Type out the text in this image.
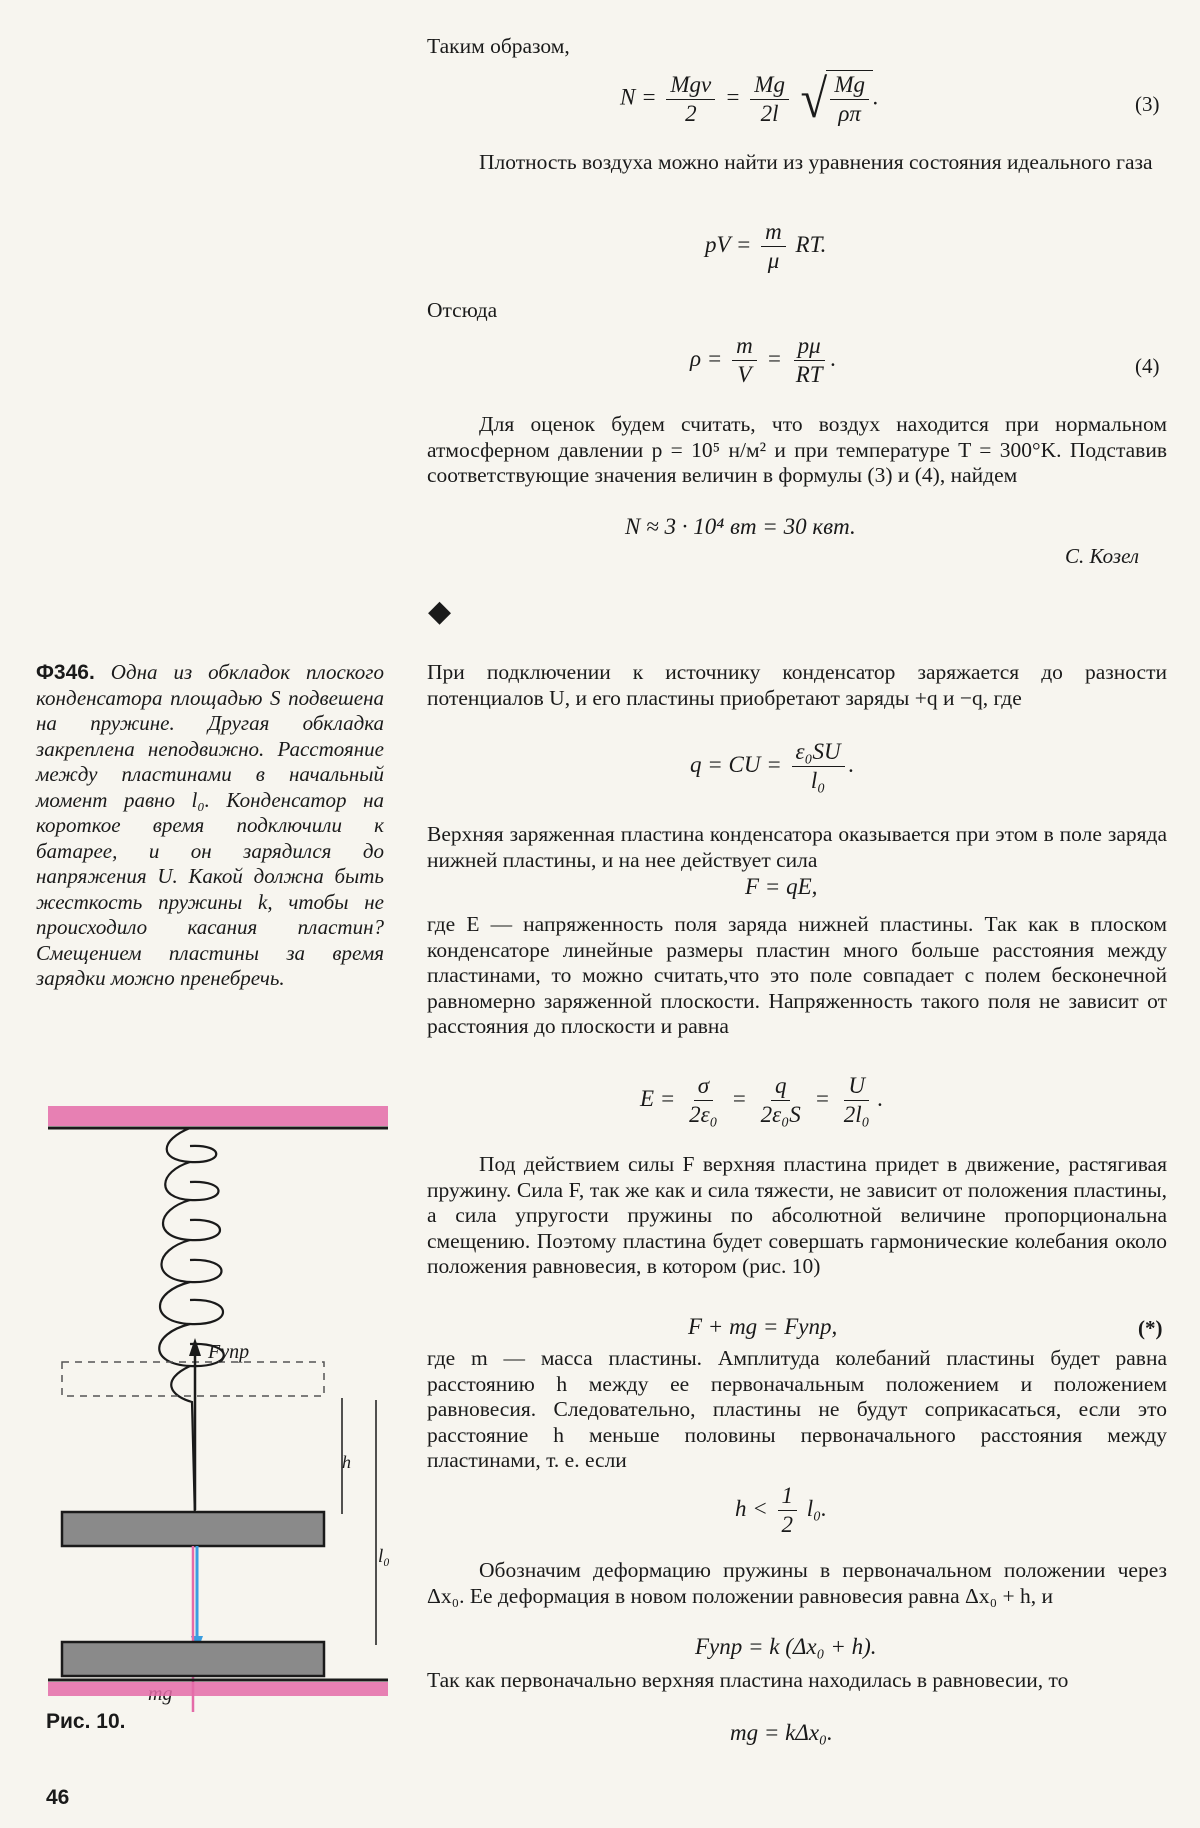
Таким образом,
$N = \frac{\text{Mgv}}{2} = \frac{Mg}{2l}$
√ $\frac{Mg}{\rho\pi}$ .	(3)
Плотность воздуха можно найти из уравнения состояния идеального газа
pV = $\frac{m}{\mu}$ RT.
Отсюда
$\rho = \frac{m}{V} = \frac{p\mu}{RT}$ .	(4)
Для оценок будем считать, что воздух находится при нормальном атмосферном давлении p = 10⁵ н/м² и при температуре T = 300°K. Подставив соответствующие значения величин в формулы (3) и (4), найдем
N ≈ 3 · 10⁴ вт = 30 квт.
С. Козел
◆
Ф346. Одна из обкладок плоского конденсатора площадью S подвешена на пружине. Другая обкладка закреплена неподвижно. Расстояние между пластинами в начальный момент равно l₀. Конденсатор на короткое время подключили к батарее, и он зарядился до напряжения U. Какой должна быть жесткость пружины k, чтобы не происходило касания пластин? Смещением пластины за время зарядки можно пренебречь.
При подключении к источнику конденсатор заряжается до разности потенциалов U, и его пластины приобретают заряды +q и −q, где
q = CU = $\frac{\text{ε₀SU}}{\text{l₀}}$ .
Верхняя заряженная пластина конденсатора оказывается при этом в поле заряда нижней пластины, и на нее действует сила
F = qE,
где E — напряженность поля заряда нижней пластины. Так как в плоском конденсаторе линейные размеры пластин много больше расстояния между пластинами, то можно считать,что это поле совпадает с полем бесконечной равномерно заряженной плоскости. Напряженность такого поля не зависит от расстояния до плоскости и равна
$E = \frac{\sigma}{\text{2ε₀}} = \frac{q}{\text{2ε₀S}} = \frac{U}{\text{2l₀}}$ .
Под действием силы F верхняя пластина придет в движение, растягивая пружину. Сила F, так же как и сила тяжести, не зависит от положения пластины, а сила упругости пружины по абсолютной величине пропорциональна смещению. Поэтому пластина будет совершать гармонические колебания около положения равновесия, в котором (рис. 10)
F + mg = Fупр,	(*)
где m — масса пластины. Амплитуда колебаний пластины будет равна расстоянию h между ее первоначальным положением и положением равновесия. Следовательно, пластины не будут соприкасаться, если это расстояние h меньше половины первоначального расстояния между пластинами, т. е. если
$h < \frac{1}{2} l_0$.
Обозначим деформацию пружины в первоначальном положении через Δx₀. Ее деформация в новом положении равновесия равна Δx₀ + h, и
Fупр = k (Δx₀ + h).
Так как первоначально верхняя пластина находилась в равновесии, то
mg = kΔx₀.
Fупр
h
l₀
Рис. 10.
46
